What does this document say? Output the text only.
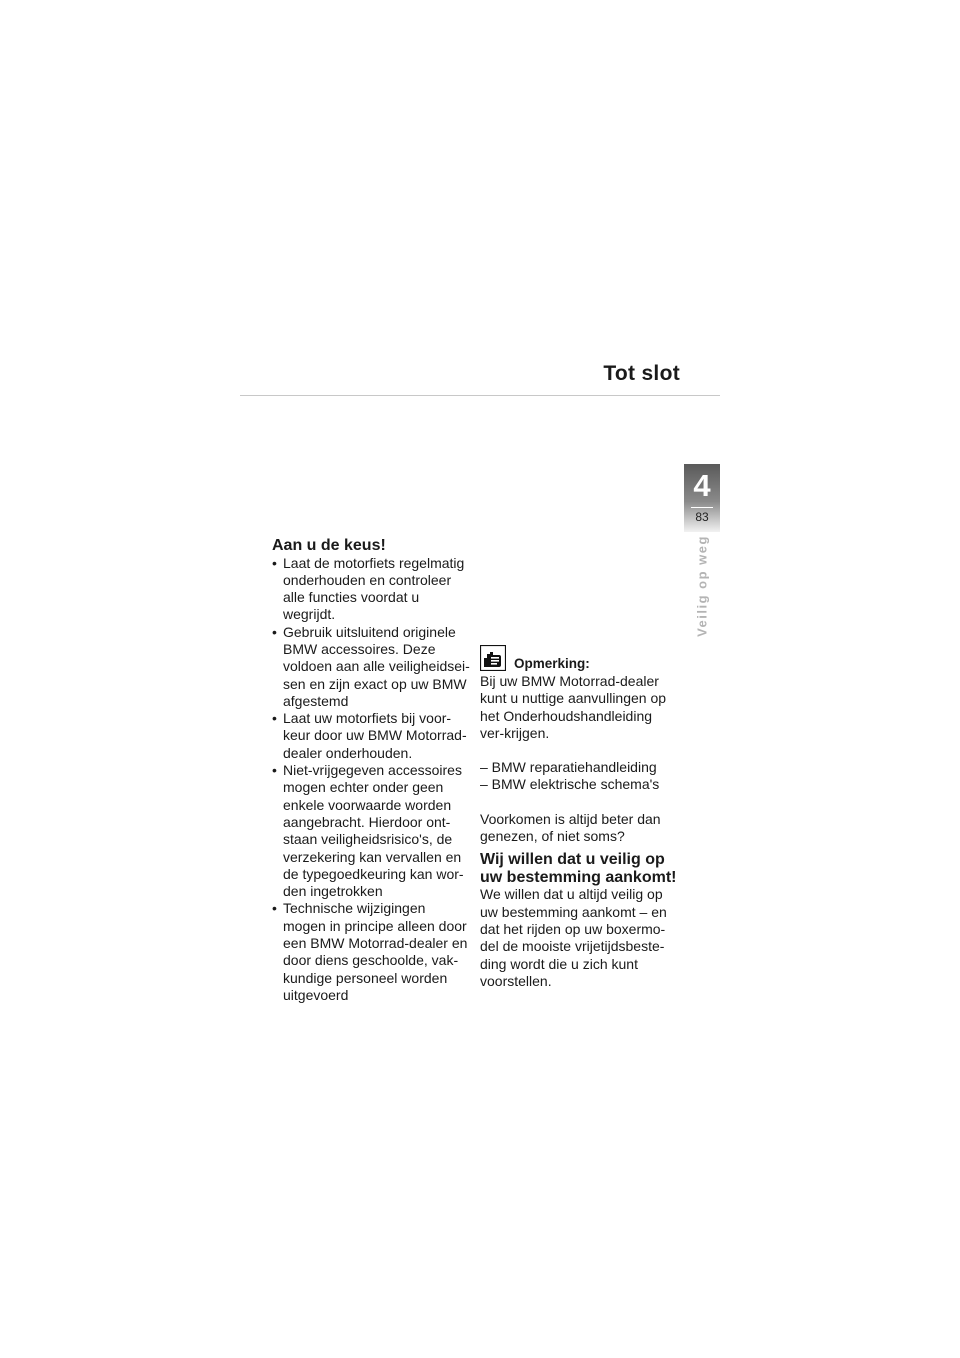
Tot slot
4
83
Veilig op weg
Aan u de keus!
• Laat de motorfiets regelmatig onderhouden en controleer alle functies voordat u wegrijdt.
• Gebruik uitsluitend originele BMW accessoires. Deze voldoen aan alle veiligheidsei-sen en zijn exact op uw BMW afgestemd
• Laat uw motorfiets bij voor-keur door uw BMW Motorrad-dealer onderhouden.
• Niet-vrijgegeven accessoires mogen echter onder geen enkele voorwaarde worden aangebracht. Hierdoor ont-staan veiligheidsrisico's, de verzekering kan vervallen en de typegoedkeuring kan wor-den ingetrokken
• Technische wijzigingen mogen in principe alleen door een BMW Motorrad-dealer en door diens geschoolde, vak-kundige personeel worden uitgevoerd
Opmerking:

Bij uw BMW Motorrad-dealer kunt u nuttige aanvullingen op het Onderhoudshandleiding ver-krijgen.

– BMW reparatiehandleiding
– BMW elektrische schema's

Voorkomen is altijd beter dan genezen, of niet soms?

Wij willen dat u veilig op uw bestemming aankomt!

We willen dat u altijd veilig op uw bestemming aankomt – en dat het rijden op uw boxermo-del de mooiste vrijetijdsbeste-ding wordt die u zich kunt voorstellen.
